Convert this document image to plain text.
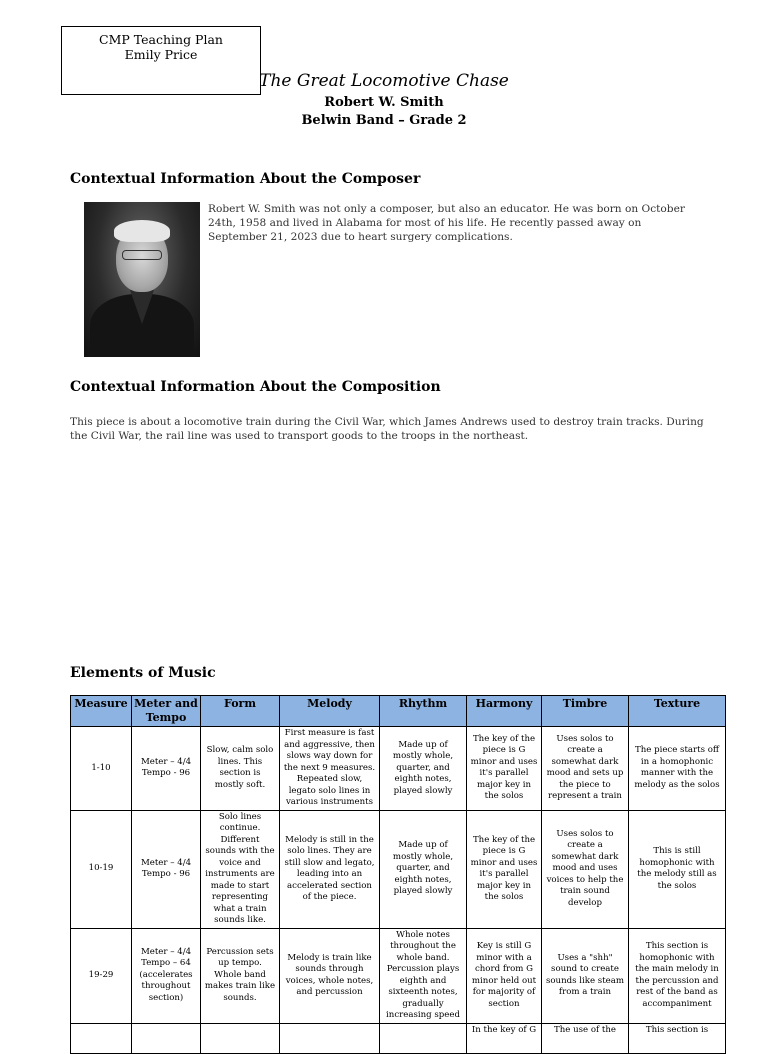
CMP Teaching Plan
Emily Price
The Great Locomotive Chase
Robert W. Smith
Belwin Band – Grade 2
Contextual Information About the Composer
Robert W. Smith was not only a composer, but also an educator. He was born on October 24th, 1958 and lived in Alabama for most of his life. He recently passed away on September 21, 2023 due to heart surgery complications.
Contextual Information About the Composition
This piece is about a locomotive train during the Civil War, which James Andrews used to destroy train tracks. During the Civil War, the rail line was used to transport goods to the troops in the northeast.
Elements of Music
Measure	Meter and Tempo	Form	Melody	Rhythm	Harmony	Timbre	Texture
1-10	Meter – 4/4 Tempo - 96	Slow, calm solo lines. This section is mostly soft.	First measure is fast and aggressive, then slows way down for the next 9 measures. Repeated slow, legato solo lines in various instruments	Made up of mostly whole, quarter, and eighth notes, played slowly	The key of the piece is G minor and uses it's parallel major key in the solos	Uses solos to create a somewhat dark mood and sets up the piece to represent a train	The piece starts off in a homophonic manner with the melody as the solos
10-19	Meter – 4/4 Tempo - 96	Solo lines continue. Different sounds with the voice and instruments are made to start representing what a train sounds like.	Melody is still in the solo lines. They are still slow and legato, leading into an accelerated section of the piece.	Made up of mostly whole, quarter, and eighth notes, played slowly	The key of the piece is G minor and uses it's parallel major key in the solos	Uses solos to create a somewhat dark mood and uses voices to help the train sound develop	This is still homophonic with the melody still as the solos
19-29	Meter – 4/4 Tempo – 64 (accelerates throughout section)	Percussion sets up tempo. Whole band makes train like sounds.	Melody is train like sounds through voices, whole notes, and percussion	Whole notes throughout the whole band. Percussion plays eighth and sixteenth notes, gradually increasing speed	Key is still G minor with a chord from G minor held out for majority of section	Uses a "shh" sound to create sounds like steam from a train	This section is homophonic with the main melody in the percussion and rest of the band as accompaniment
					In the key of G	The use of the	This section is
